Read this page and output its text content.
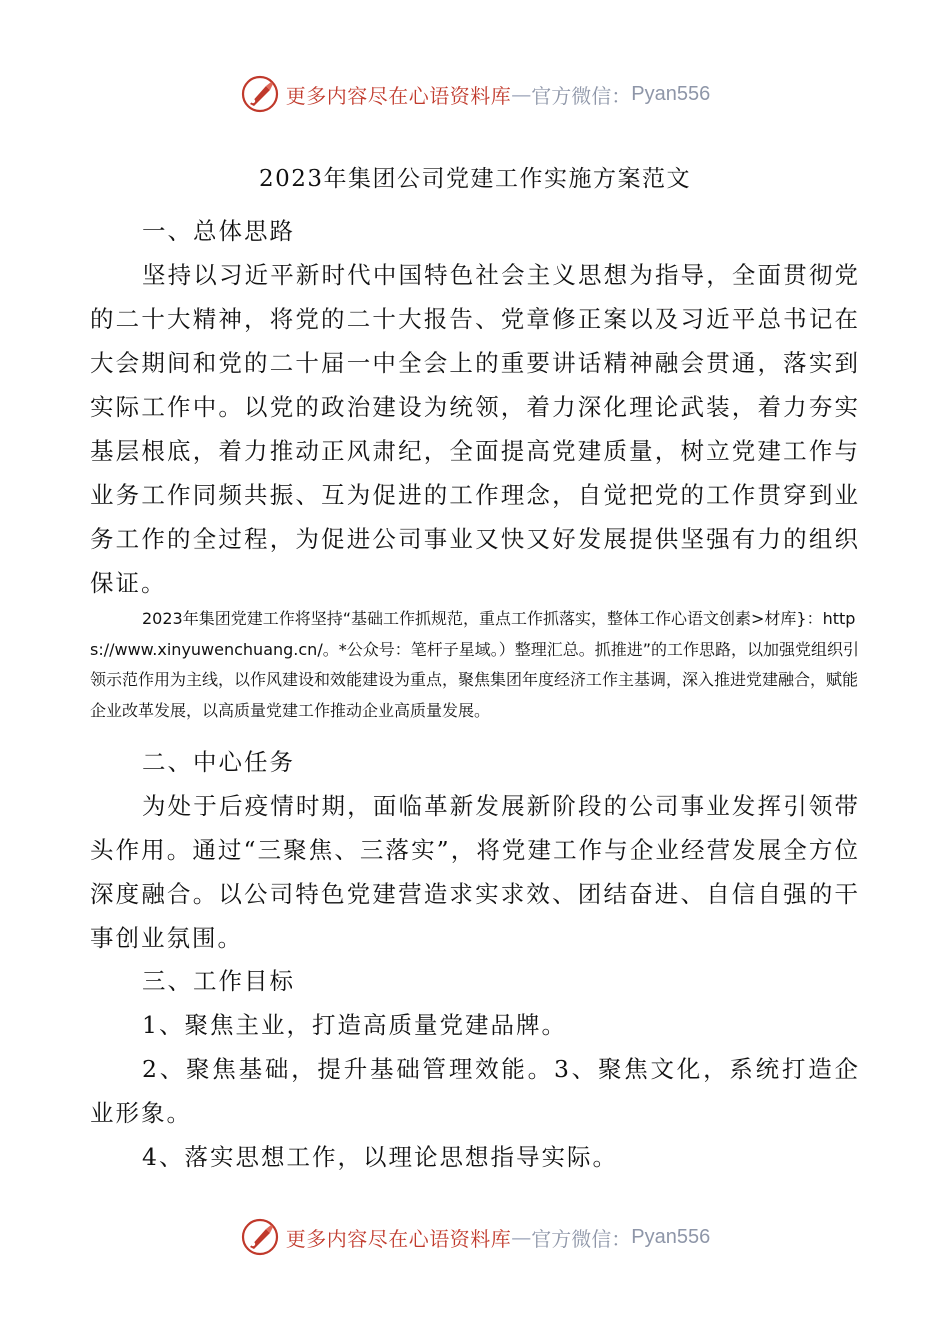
更多内容尽在心语资料库 — 官方微信： Pyan556
2023年集团公司党建工作实施方案范文

一、总体思路

坚持以习近平新时代中国特色社会主义思想为指导，全面贯彻党的二十大精神，将党的二十大报告、党章修正案以及习近平总书记在大会期间和党的二十届一中全会上的重要讲话精神融会贯通，落实到实际工作中。以党的政治建设为统领，着力深化理论武装，着力夯实基层根底，着力推动正风肃纪，全面提高党建质量，树立党建工作与业务工作同频共振、互为促进的工作理念，自觉把党的工作贯穿到业务工作的全过程，为促进公司事业又快又好发展提供坚强有力的组织保证。

2023年集团党建工作将坚持“基础工作抓规范，重点工作抓落实，整体工作心语文创素>材库}：https://www.xinyuwenchuang.cn/。*公众号：笔杆子星域。）整理汇总。抓推进”的工作思路，以加强党组织引领示范作用为主线，以作风建设和效能建设为重点，聚焦集团年度经济工作主基调，深入推进党建融合，赋能企业改革发展，以高质量党建工作推动企业高质量发展。

二、中心任务

为处于后疫情时期，面临革新发展新阶段的公司事业发挥引领带头作用。通过“三聚焦、三落实”，将党建工作与企业经营发展全方位深度融合。以公司特色党建营造求实求效、团结奋进、自信自强的干事创业氛围。

三、工作目标

1、聚焦主业，打造高质量党建品牌。

2、聚焦基础，提升基础管理效能。3、聚焦文化，系统打造企业形象。

4、落实思想工作，以理论思想指导实际。

更多内容尽在心语资料库 — 官方微信： Pyan556
